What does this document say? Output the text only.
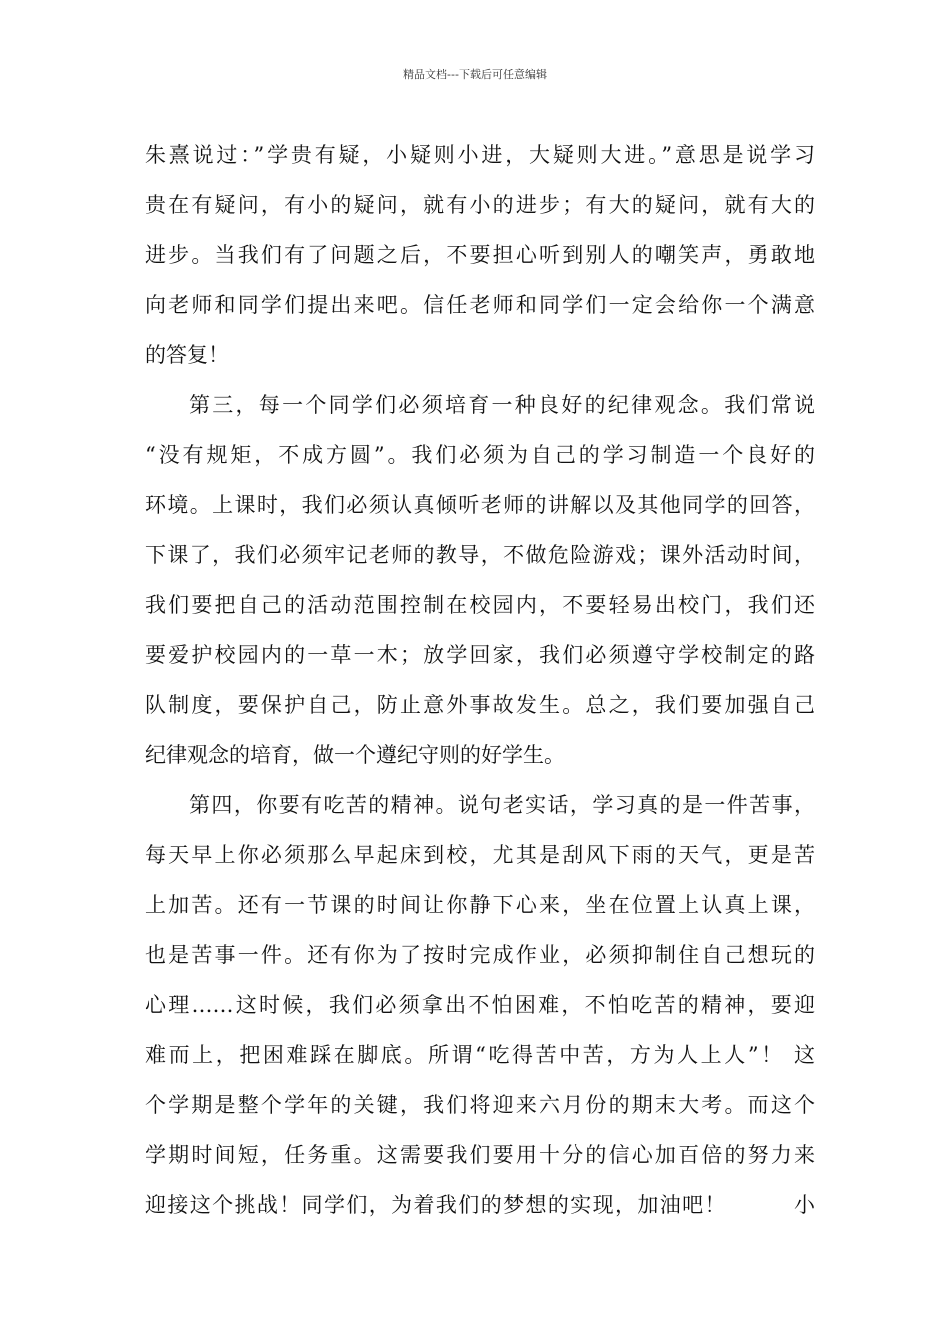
精品文档---下载后可任意编辑
朱熹说过：”学贵有疑，小疑则小进，大疑则大进。”意思是说学习
贵在有疑问，有小的疑问，就有小的进步；有大的疑问，就有大的
进步。当我们有了问题之后，不要担心听到别人的嘲笑声，勇敢地
向老师和同学们提出来吧。信任老师和同学们一定会给你一个满意
的答复！
第三，每一个同学们必须培育一种良好的纪律观念。我们常说
“没有规矩，不成方圆”。我们必须为自己的学习制造一个良好的
环境。上课时，我们必须认真倾听老师的讲解以及其他同学的回答，
下课了，我们必须牢记老师的教导，不做危险游戏；课外活动时间，
我们要把自己的活动范围控制在校园内，不要轻易出校门，我们还
要爱护校园内的一草一木；放学回家，我们必须遵守学校制定的路
队制度，要保护自己，防止意外事故发生。总之，我们要加强自己
纪律观念的培育，做一个遵纪守则的好学生。
第四，你要有吃苦的精神。说句老实话，学习真的是一件苦事，
每天早上你必须那么早起床到校，尤其是刮风下雨的天气，更是苦
上加苦。还有一节课的时间让你静下心来，坐在位置上认真上课，
也是苦事一件。还有你为了按时完成作业，必须抑制住自己想玩的
心理……这时候，我们必须拿出不怕困难，不怕吃苦的精神，要迎
难而上，把困难踩在脚底。所谓“吃得苦中苦，方为人上人”！ 这
个学期是整个学年的关键，我们将迎来六月份的期末大考。而这个
学期时间短，任务重。这需要我们要用十分的信心加百倍的努力来
迎接这个挑战！同学们，为着我们的梦想的实现，加油吧！　　　小
